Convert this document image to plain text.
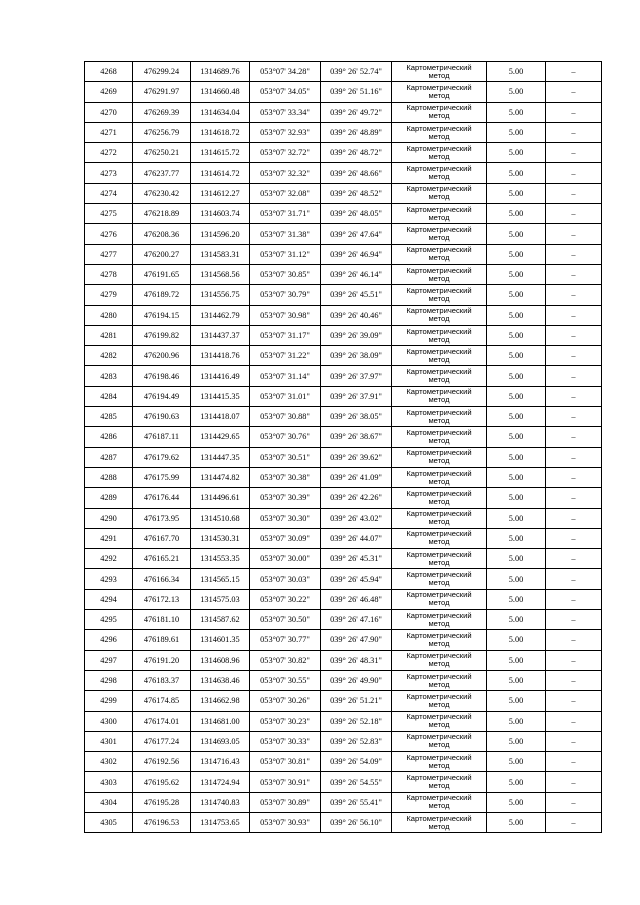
4268	476299.24	1314689.76	053°07' 34.28"	039° 26' 52.74"	Картометрический
метод	5.00	–
4269	476291.97	1314660.48	053°07' 34.05"	039° 26' 51.16"	Картометрический
метод	5.00	–
4270	476269.39	1314634.04	053°07' 33.34"	039° 26' 49.72"	Картометрический
метод	5.00	–
4271	476256.79	1314618.72	053°07' 32.93"	039° 26' 48.89"	Картометрический
метод	5.00	–
4272	476250.21	1314615.72	053°07' 32.72"	039° 26' 48.72"	Картометрический
метод	5.00	–
4273	476237.77	1314614.72	053°07' 32.32"	039° 26' 48.66"	Картометрический
метод	5.00	–
4274	476230.42	1314612.27	053°07' 32.08"	039° 26' 48.52"	Картометрический
метод	5.00	–
4275	476218.89	1314603.74	053°07' 31.71"	039° 26' 48.05"	Картометрический
метод	5.00	–
4276	476208.36	1314596.20	053°07' 31.38"	039° 26' 47.64"	Картометрический
метод	5.00	–
4277	476200.27	1314583.31	053°07' 31.12"	039° 26' 46.94"	Картометрический
метод	5.00	–
4278	476191.65	1314568.56	053°07' 30.85"	039° 26' 46.14"	Картометрический
метод	5.00	–
4279	476189.72	1314556.75	053°07' 30.79"	039° 26' 45.51"	Картометрический
метод	5.00	–
4280	476194.15	1314462.79	053°07' 30.98"	039° 26' 40.46"	Картометрический
метод	5.00	–
4281	476199.82	1314437.37	053°07' 31.17"	039° 26' 39.09"	Картометрический
метод	5.00	–
4282	476200.96	1314418.76	053°07' 31.22"	039° 26' 38.09"	Картометрический
метод	5.00	–
4283	476198.46	1314416.49	053°07' 31.14"	039° 26' 37.97"	Картометрический
метод	5.00	–
4284	476194.49	1314415.35	053°07' 31.01"	039° 26' 37.91"	Картометрический
метод	5.00	–
4285	476190.63	1314418.07	053°07' 30.88"	039° 26' 38.05"	Картометрический
метод	5.00	–
4286	476187.11	1314429.65	053°07' 30.76"	039° 26' 38.67"	Картометрический
метод	5.00	–
4287	476179.62	1314447.35	053°07' 30.51"	039° 26' 39.62"	Картометрический
метод	5.00	–
4288	476175.99	1314474.82	053°07' 30.38"	039° 26' 41.09"	Картометрический
метод	5.00	–
4289	476176.44	1314496.61	053°07' 30.39"	039° 26' 42.26"	Картометрический
метод	5.00	–
4290	476173.95	1314510.68	053°07' 30.30"	039° 26' 43.02"	Картометрический
метод	5.00	–
4291	476167.70	1314530.31	053°07' 30.09"	039° 26' 44.07"	Картометрический
метод	5.00	–
4292	476165.21	1314553.35	053°07' 30.00"	039° 26' 45.31"	Картометрический
метод	5.00	–
4293	476166.34	1314565.15	053°07' 30.03"	039° 26' 45.94"	Картометрический
метод	5.00	–
4294	476172.13	1314575.03	053°07' 30.22"	039° 26' 46.48"	Картометрический
метод	5.00	–
4295	476181.10	1314587.62	053°07' 30.50"	039° 26' 47.16"	Картометрический
метод	5.00	–
4296	476189.61	1314601.35	053°07' 30.77"	039° 26' 47.90"	Картометрический
метод	5.00	–
4297	476191.20	1314608.96	053°07' 30.82"	039° 26' 48.31"	Картометрический
метод	5.00	–
4298	476183.37	1314638.46	053°07' 30.55"	039° 26' 49.90"	Картометрический
метод	5.00	–
4299	476174.85	1314662.98	053°07' 30.26"	039° 26' 51.21"	Картометрический
метод	5.00	–
4300	476174.01	1314681.00	053°07' 30.23"	039° 26' 52.18"	Картометрический
метод	5.00	–
4301	476177.24	1314693.05	053°07' 30.33"	039° 26' 52.83"	Картометрический
метод	5.00	–
4302	476192.56	1314716.43	053°07' 30.81"	039° 26' 54.09"	Картометрический
метод	5.00	–
4303	476195.62	1314724.94	053°07' 30.91"	039° 26' 54.55"	Картометрический
метод	5.00	–
4304	476195.28	1314740.83	053°07' 30.89"	039° 26' 55.41"	Картометрический
метод	5.00	–
4305	476196.53	1314753.65	053°07' 30.93"	039° 26' 56.10"	Картометрический
метод	5.00	–
